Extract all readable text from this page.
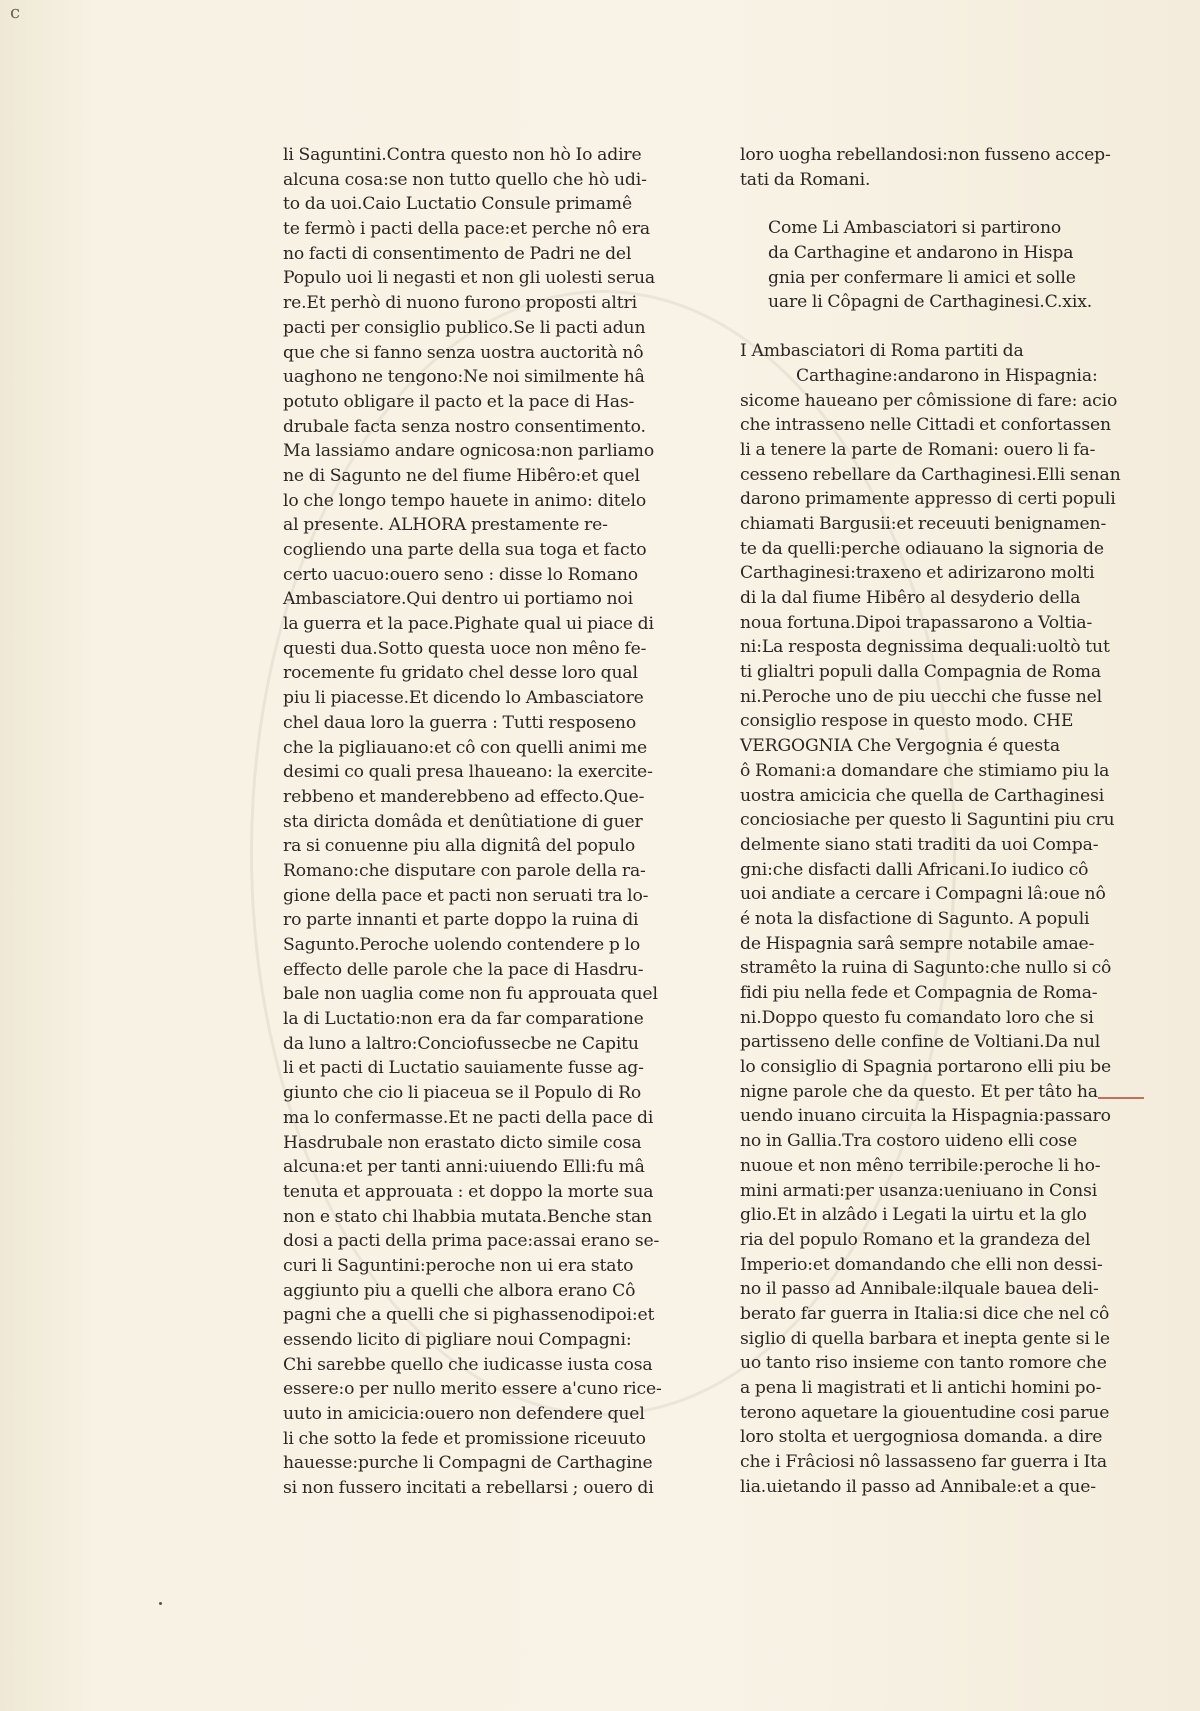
c
li Saguntini.Contra questo non hò Io adire
alcuna cosa:se non tutto quello che hò udi-
to da uoi.Caio Luctatio Consule primamê
te fermò i pacti della pace:et perche nô era
no facti di consentimento de Padri ne del
Populo uoi li negasti et non gli uolesti serua
re.Et perhò di nuono furono proposti altri
pacti per consiglio publico.Se li pacti adun
que che si fanno senza uostra auctorità nô
uaghono ne tengono:Ne noi similmente hâ
potuto obligare il pacto et la pace di Has-
drubale facta senza nostro consentimento.
Ma lassiamo andare ognicosa:non parliamo
ne di Sagunto ne del fiume Hibêro:et quel
lo che longo tempo hauete in animo: ditelo
al presente. ALHORA prestamente re-
cogliendo una parte della sua toga et facto
certo uacuo:ouero seno : disse lo Romano
Ambasciatore.Qui dentro ui portiamo noi
la guerra et la pace.Pighate qual ui piace di
questi dua.Sotto questa uoce non mêno fe-
rocemente fu gridato chel desse loro qual
piu li piacesse.Et dicendo lo Ambasciatore
chel daua loro la guerra : Tutti resposeno
che la pigliauano:et cô con quelli animi me
desimi co quali presa lhaueano: la exercite-
rebbeno et manderebbeno ad effecto.Que-
sta diricta domâda et denûtiatione di guer
ra si conuenne piu alla dignitâ del populo
Romano:che disputare con parole della ra-
gione della pace et pacti non seruati tra lo-
ro parte innanti et parte doppo la ruina di
Sagunto.Peroche uolendo contendere p lo
effecto delle parole che la pace di Hasdru-
bale non uaglia come non fu approuata quel
la di Luctatio:non era da far comparatione
da luno a laltro:Conciofussecbe ne Capitu
li et pacti di Luctatio sauiamente fusse ag-
giunto che cio li piaceua se il Populo di Ro
ma lo confermasse.Et ne pacti della pace di
Hasdrubale non erastato dicto simile cosa
alcuna:et per tanti anni:uiuendo Elli:fu mâ
tenuta et approuata : et doppo la morte sua
non e stato chi lhabbia mutata.Benche stan
dosi a pacti della prima pace:assai erano se-
curi li Saguntini:peroche non ui era stato
aggiunto piu a quelli che albora erano Cô
pagni che a quelli che si pighassenodipoi:et
essendo licito di pigliare noui Compagni:
Chi sarebbe quello che iudicasse iusta cosa
essere:o per nullo merito essere a'cuno rice-
uuto in amicicia:ouero non defendere quel
li che sotto la fede et promissione riceuuto
hauesse:purche li Compagni de Carthagine
si non fussero incitati a rebellarsi ; ouero di
loro uogha rebellandosi:non fusseno accep-
tati da Romani.
Come Li Ambasciatori si partirono
da Carthagine et andarono in Hispa
gnia per confermare li amici et solle
uare li Côpagni de Carthaginesi.C.xix.
I Ambasciatori di Roma partiti da
Carthagine:andarono in Hispagnia:
sicome haueano per cômissione di fare: acio
che intrasseno nelle Cittadi et confortassen
li a tenere la parte de Romani: ouero li fa-
cesseno rebellare da Carthaginesi.Elli senan
darono primamente appresso di certi populi
chiamati Bargusii:et receuuti benignamen-
te da quelli:perche odiauano la signoria de
Carthaginesi:traxeno et adirizarono molti
di la dal fiume Hibêro al desyderio della
noua fortuna.Dipoi trapassarono a Voltia-
ni:La resposta degnissima dequali:uoltò tut
ti glialtri populi dalla Compagnia de Roma
ni.Peroche uno de piu uecchi che fusse nel
consiglio respose in questo modo. CHE
VERGOGNIA Che Vergognia é questa
ô Romani:a domandare che stimiamo piu la
uostra amicicia che quella de Carthaginesi
conciosiache per questo li Saguntini piu cru
delmente siano stati traditi da uoi Compa-
gni:che disfacti dalli Africani.Io iudico cô
uoi andiate a cercare i Compagni lâ:oue nô
é nota la disfactione di Sagunto. A populi
de Hispagnia sarâ sempre notabile amae-
stramêto la ruina di Sagunto:che nullo si cô
fidi piu nella fede et Compagnia de Roma-
ni.Doppo questo fu comandato loro che si
partisseno delle confine de Voltiani.Da nul
lo consiglio di Spagnia portarono elli piu be
nigne parole che da questo. Et per tâto ha
uendo inuano circuita la Hispagnia:passaro
no in Gallia.Tra costoro uideno elli cose
nuoue et non mêno terribile:peroche li ho-
mini armati:per usanza:ueniuano in Consi
glio.Et in alzâdo i Legati la uirtu et la glo
ria del populo Romano et la grandeza del
Imperio:et domandando che elli non dessi-
no il passo ad Annibale:ilquale bauea deli-
berato far guerra in Italia:si dice che nel cô
siglio di quella barbara et inepta gente si le
uo tanto riso insieme con tanto romore che
a pena li magistrati et li antichi homini po-
terono aquetare la giouentudine cosi parue
loro stolta et uergogniosa domanda. a dire
che i Frâciosi nô lassasseno far guerra i Ita
lia.uietando il passo ad Annibale:et a que-
